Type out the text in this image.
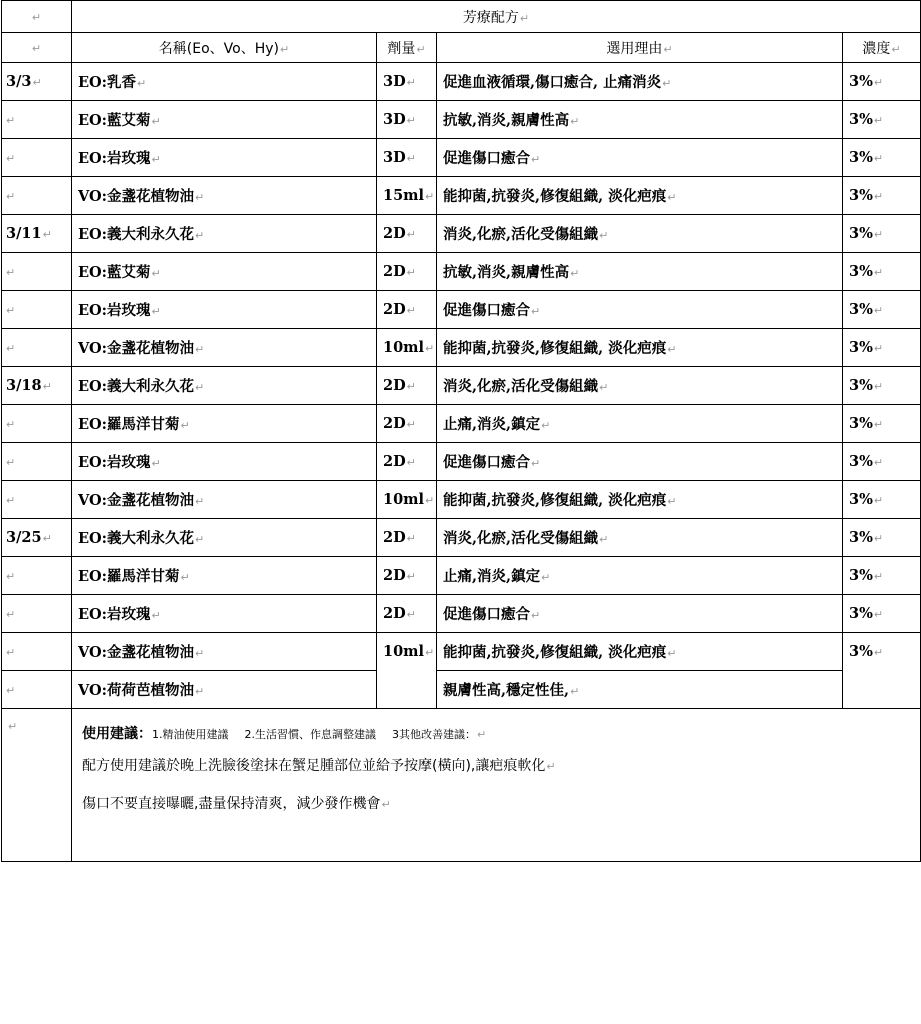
↵	芳療配方↵			
↵	名稱(Eo、Vo、Hy)↵	劑量↵	選用理由↵	濃度↵
3/3↵	EO:乳香↵	3D↵	促進血液循環,傷口癒合, 止痛消炎↵	3%↵
↵	EO:藍艾菊↵	3D↵	抗敏,消炎,親膚性高↵	3%↵
↵	EO:岩玫瑰↵	3D↵	促進傷口癒合↵	3%↵
↵	VO:金盞花植物油↵	15ml↵	能抑菌,抗發炎,修復組織, 淡化疤痕↵	3%↵
3/11↵	EO:義大利永久花↵	2D↵	消炎,化瘀,活化受傷組織↵	3%↵
↵	EO:藍艾菊↵	2D↵	抗敏,消炎,親膚性高↵	3%↵
↵	EO:岩玫瑰↵	2D↵	促進傷口癒合↵	3%↵
↵	VO:金盞花植物油↵	10ml↵	能抑菌,抗發炎,修復組織, 淡化疤痕↵	3%↵
3/18↵	EO:義大利永久花↵	2D↵	消炎,化瘀,活化受傷組織↵	3%↵
↵	EO:羅馬洋甘菊↵	2D↵	止痛,消炎,鎮定↵	3%↵
↵	EO:岩玫瑰↵	2D↵	促進傷口癒合↵	3%↵
↵	VO:金盞花植物油↵	10ml↵	能抑菌,抗發炎,修復組織, 淡化疤痕↵	3%↵
3/25↵	EO:義大利永久花↵	2D↵	消炎,化瘀,活化受傷組織↵	3%↵
↵	EO:羅馬洋甘菊↵	2D↵	止痛,消炎,鎮定↵	3%↵
↵	EO:岩玫瑰↵	2D↵	促進傷口癒合↵	3%↵
↵	VO:金盞花植物油↵	10ml↵	能抑菌,抗發炎,修復組織, 淡化疤痕↵	3%↵
↵	VO:荷荷芭植物油↵		親膚性高,穩定性佳,↵	
↵	使用建議：1.精油使用建議 2.生活習慣、作息調整建議 3其他改善建議：↵
配方使用建議於晚上洗臉後塗抹在蟹足腫部位並給予按摩(橫向),讓疤痕軟化↵
傷口不要直接曝曬,盡量保持清爽，減少發作機會↵			
